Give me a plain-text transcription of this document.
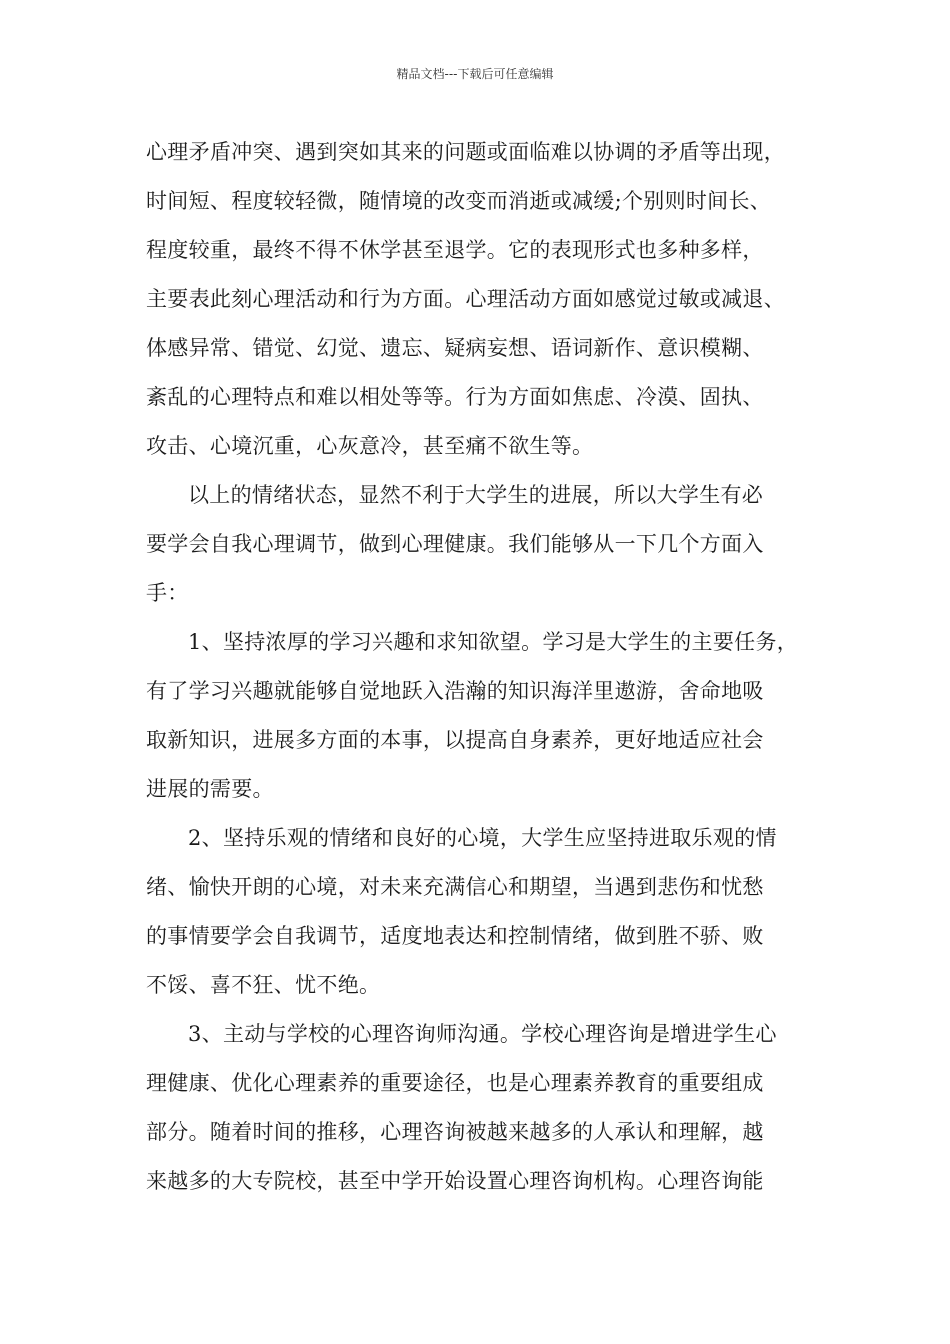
精品文档---下载后可任意编辑
心理矛盾冲突、遇到突如其来的问题或面临难以协调的矛盾等出现，
时间短、程度较轻微，随情境的改变而消逝或减缓;个别则时间长、
程度较重，最终不得不休学甚至退学。它的表现形式也多种多样，
主要表此刻心理活动和行为方面。心理活动方面如感觉过敏或减退、
体感异常、错觉、幻觉、遗忘、疑病妄想、语词新作、意识模糊、
紊乱的心理特点和难以相处等等。行为方面如焦虑、冷漠、固执、
攻击、心境沉重，心灰意冷，甚至痛不欲生等。
以上的情绪状态，显然不利于大学生的进展，所以大学生有必
要学会自我心理调节，做到心理健康。我们能够从一下几个方面入
手：
1、坚持浓厚的学习兴趣和求知欲望。学习是大学生的主要任务，
有了学习兴趣就能够自觉地跃入浩瀚的知识海洋里遨游，舍命地吸
取新知识，进展多方面的本事，以提高自身素养，更好地适应社会
进展的需要。
2、坚持乐观的情绪和良好的心境，大学生应坚持进取乐观的情
绪、愉快开朗的心境，对未来充满信心和期望，当遇到悲伤和忧愁
的事情要学会自我调节，适度地表达和控制情绪，做到胜不骄、败
不馁、喜不狂、忧不绝。
3、主动与学校的心理咨询师沟通。学校心理咨询是增进学生心
理健康、优化心理素养的重要途径，也是心理素养教育的重要组成
部分。随着时间的推移，心理咨询被越来越多的人承认和理解，越
来越多的大专院校，甚至中学开始设置心理咨询机构。心理咨询能
